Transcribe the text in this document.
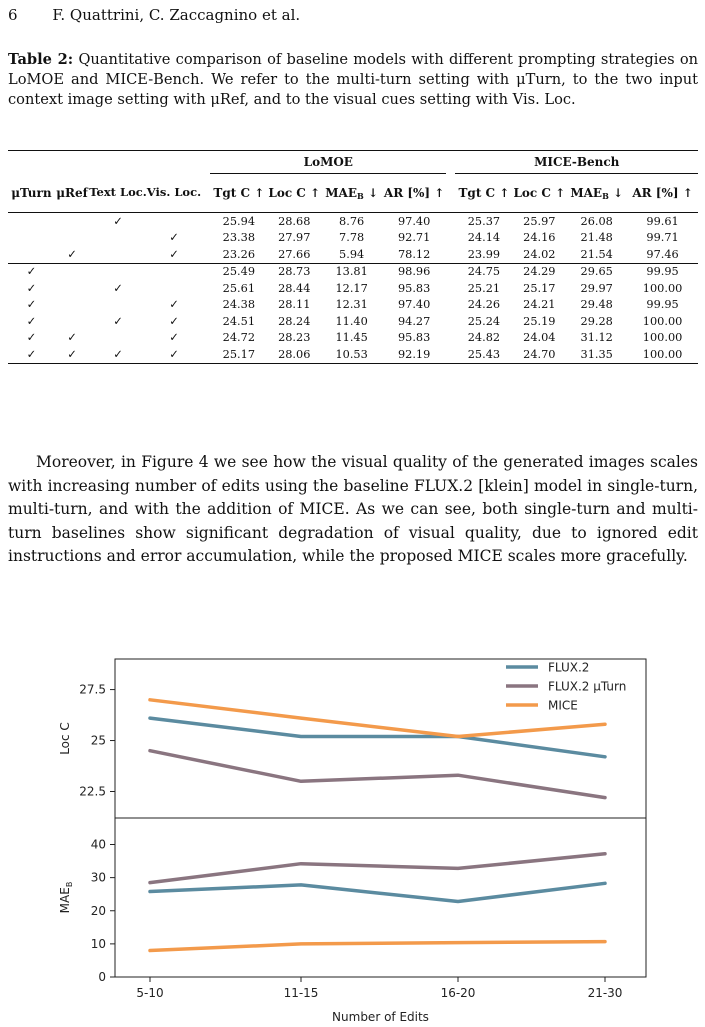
6 F. Quattrini, C. Zaccagnino et al.
Table 2: Quantitative comparison of baseline models with different prompting strategies on LoMOE and MICE-Bench. We refer to the multi-turn setting with μTurn, to the two input context image setting with μRef, and to the visual cues setting with Vis. Loc.

					LoMOE					MICE-Bench			
μTurn	μRef	Text Loc.	Vis. Loc.		Tgt C ↑	Loc C ↑	$MAE_B$ ↓	AR [%] ↑		Tgt C ↑	Loc C ↑	$MAE_B$ ↓	AR [%] ↑
		✓			25.94	28.68	8.76	97.40		25.37	25.97	26.08	99.61
			✓		23.38	27.97	7.78	92.71		24.14	24.16	21.48	99.71
	✓		✓		23.26	27.66	5.94	78.12		23.99	24.02	21.54	97.46
✓					25.49	28.73	13.81	98.96		24.75	24.29	29.65	99.95
✓		✓			25.61	28.44	12.17	95.83		25.21	25.17	29.97	100.00
✓			✓		24.38	28.11	12.31	97.40		24.26	24.21	29.48	99.95
✓		✓	✓		24.51	28.24	11.40	94.27		25.24	25.19	29.28	100.00
✓	✓		✓		24.72	28.23	11.45	95.83		24.82	24.04	31.12	100.00
✓	✓	✓	✓		25.17	28.06	10.53	92.19		25.43	24.70	31.35	100.00

Moreover, in Figure 4 we see how the visual quality of the generated images scales with increasing number of edits using the baseline FLUX.2 [klein] model in single-turn, multi-turn, and with the addition of MICE. As we can see, both single-turn and multi-turn baselines show significant degradation of visual quality, due to ignored edit instructions and error accumulation, while the proposed MICE scales more gracefully.

22.5
25
27.5
Loc C
0
10
20
30
40
$MAE_B$
5-10	11-15	16-20	21-30
Number of Edits
FLUX.2
FLUX.2 μTurn
MICE
